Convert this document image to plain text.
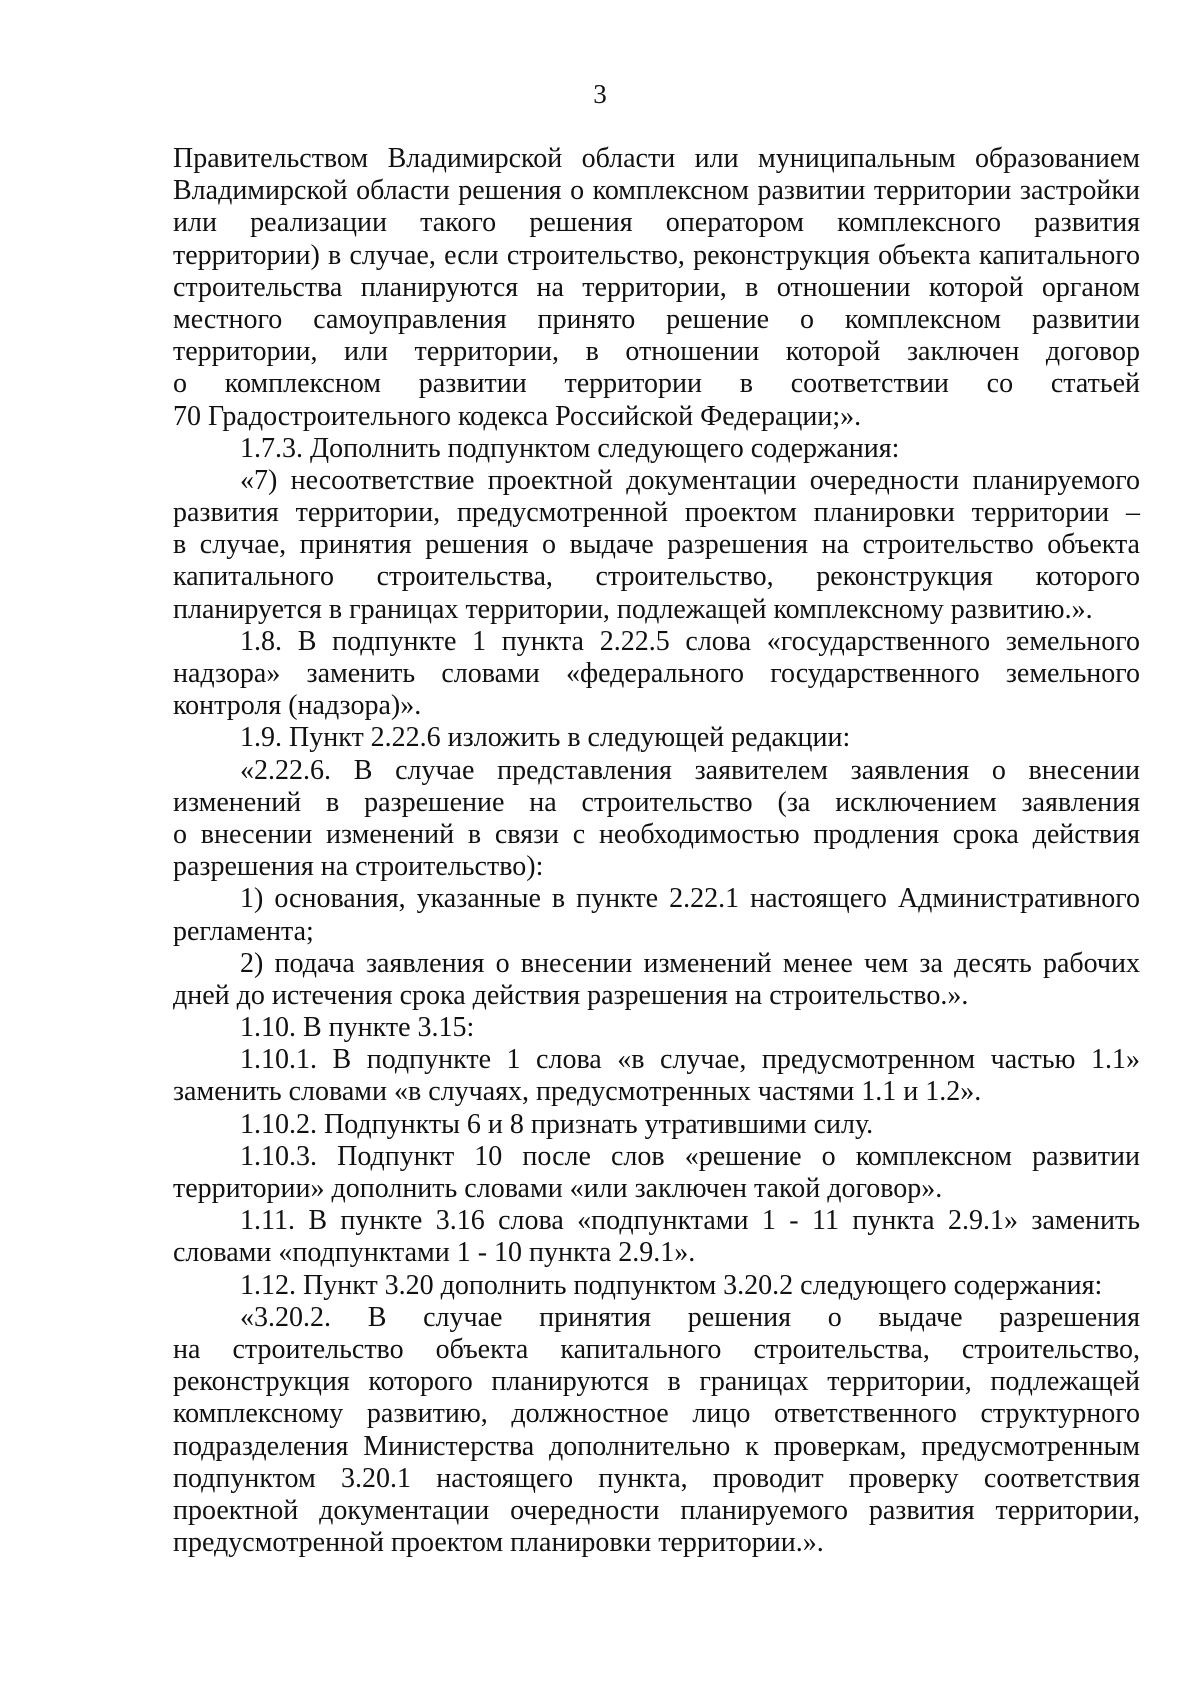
3
Правительством Владимирской области или муниципальным образованием
Владимирской области решения о комплексном развитии территории застройки
или реализации такого решения оператором комплексного развития
территории) в случае, если строительство, реконструкция объекта капитального
строительства планируются на территории, в отношении которой органом
местного самоуправления принято решение о комплексном развитии
территории, или территории, в отношении которой заключен договор
о комплексном развитии территории в соответствии со статьей
70 Градостроительного кодекса Российской Федерации;».
1.7.3. Дополнить подпунктом следующего содержания:
«7) несоответствие проектной документации очередности планируемого
развития территории, предусмотренной проектом планировки территории –
в случае, принятия решения о выдаче разрешения на строительство объекта
капитального строительства, строительство, реконструкция которого
планируется в границах территории, подлежащей комплексному развитию.».
1.8. В подпункте 1 пункта 2.22.5 слова «государственного земельного
надзора» заменить словами «федерального государственного земельного
контроля (надзора)».
1.9. Пункт 2.22.6 изложить в следующей редакции:
«2.22.6. В случае представления заявителем заявления о внесении
изменений в разрешение на строительство (за исключением заявления
о внесении изменений в связи с необходимостью продления срока действия
разрешения на строительство):
1) основания, указанные в пункте 2.22.1 настоящего Административного
регламента;
2) подача заявления о внесении изменений менее чем за десять рабочих
дней до истечения срока действия разрешения на строительство.».
1.10. В пункте 3.15:
1.10.1. В подпункте 1 слова «в случае, предусмотренном частью 1.1»
заменить словами «в случаях, предусмотренных частями 1.1 и 1.2».
1.10.2. Подпункты 6 и 8 признать утратившими силу.
1.10.3. Подпункт 10 после слов «решение о комплексном развитии
территории» дополнить словами «или заключен такой договор».
1.11. В пункте 3.16 слова «подпунктами 1 - 11 пункта 2.9.1» заменить
словами «подпунктами 1 - 10 пункта 2.9.1».
1.12. Пункт 3.20 дополнить подпунктом 3.20.2 следующего содержания:
«3.20.2. В случае принятия решения о выдаче разрешения
на строительство объекта капитального строительства, строительство,
реконструкция которого планируются в границах территории, подлежащей
комплексному развитию, должностное лицо ответственного структурного
подразделения Министерства дополнительно к проверкам, предусмотренным
подпунктом 3.20.1 настоящего пункта, проводит проверку соответствия
проектной документации очередности планируемого развития территории,
предусмотренной проектом планировки территории.».
